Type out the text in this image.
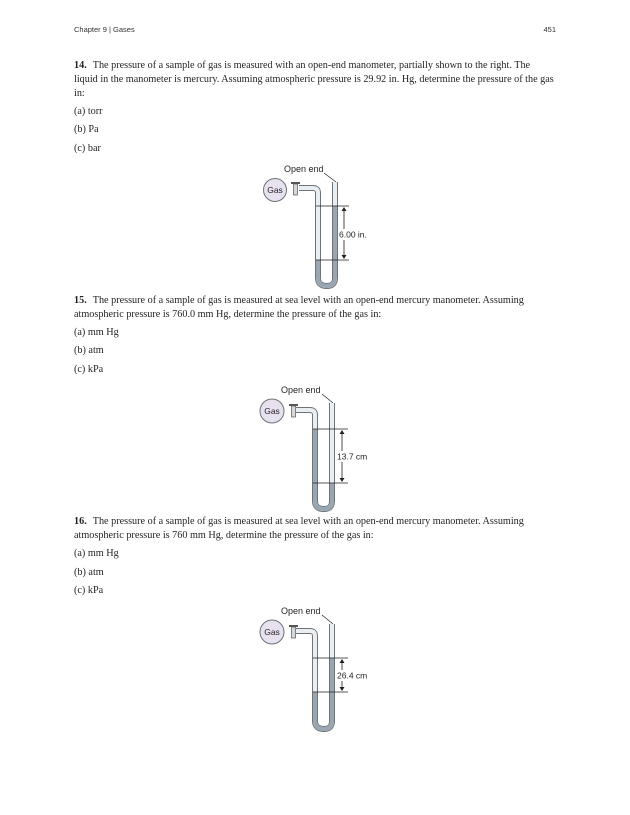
Chapter 9 | Gases	451
14. The pressure of a sample of gas is measured with an open-end manometer, partially shown to the right. The liquid in the manometer is mercury. Assuming atmospheric pressure is 29.92 in. Hg, determine the pressure of the gas in:
(a) torr
(b) Pa
(c) bar
Open end
Gas
6.00 in.
15. The pressure of a sample of gas is measured at sea level with an open-end mercury manometer. Assuming atmospheric pressure is 760.0 mm Hg, determine the pressure of the gas in:
(a) mm Hg
(b) atm
(c) kPa
Open end
Gas
13.7 cm
16. The pressure of a sample of gas is measured at sea level with an open-end mercury manometer. Assuming atmospheric pressure is 760 mm Hg, determine the pressure of the gas in:
(a) mm Hg
(b) atm
(c) kPa
Open end
Gas
26.4 cm
